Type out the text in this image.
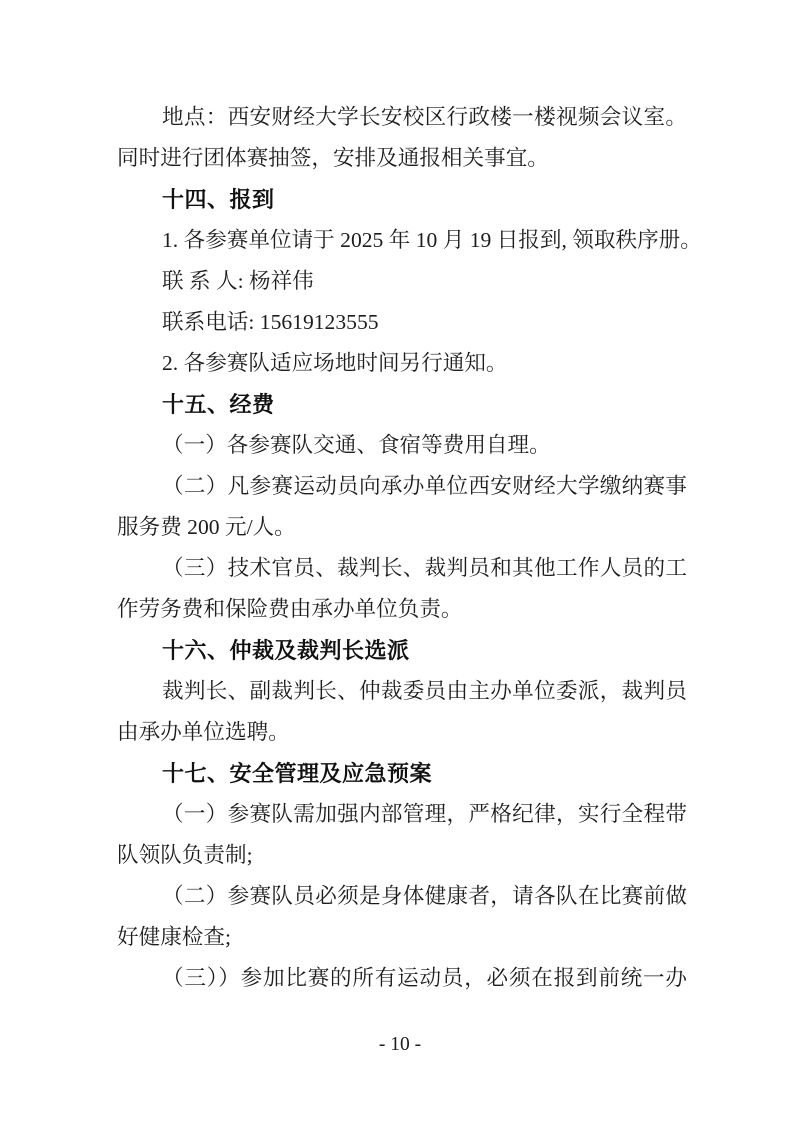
地点：西安财经大学长安校区行政楼一楼视频会议室。
同时进行团体赛抽签，安排及通报相关事宜。
十四、报到
1. 各参赛单位请于 2025 年 10 月 19 日报到, 领取秩序册。
联 系 人: 杨祥伟
联系电话: 15619123555
2. 各参赛队适应场地时间另行通知。
十五、经费
（一）各参赛队交通、食宿等费用自理。
（二）凡参赛运动员向承办单位西安财经大学缴纳赛事
服务费 200 元/人。
（三）技术官员、裁判长、裁判员和其他工作人员的工
作劳务费和保险费由承办单位负责。
十六、仲裁及裁判长选派
裁判长、副裁判长、仲裁委员由主办单位委派，裁判员
由承办单位选聘。
十七、安全管理及应急预案
（一）参赛队需加强内部管理，严格纪律，实行全程带
队领队负责制;
（二）参赛队员必须是身体健康者，请各队在比赛前做
好健康检查;
（三））参加比赛的所有运动员，必须在报到前统一办
- 10 -
